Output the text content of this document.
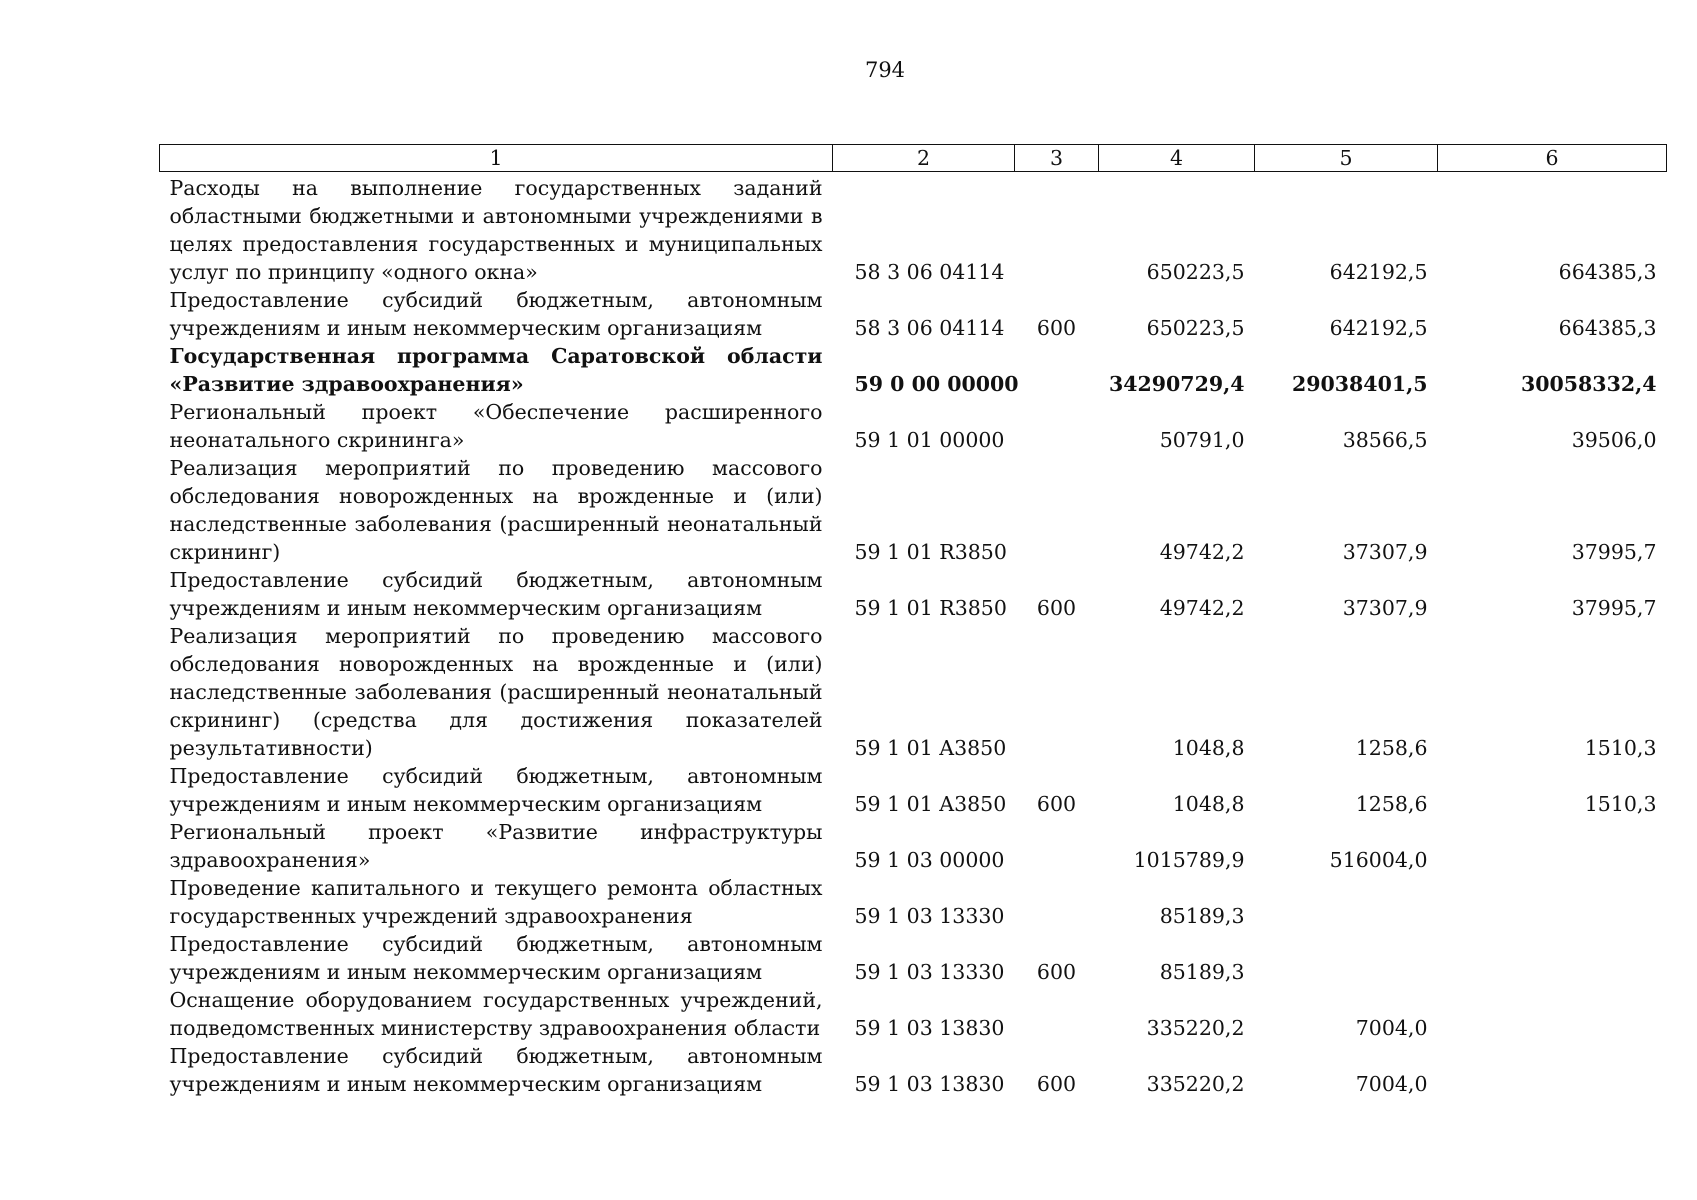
794
1	2	3	4	5	6
Расходы на выполнение государственных заданий областными бюджетными и автономными учреждениями в целях предоставления государственных и муниципальных услуг по принципу «одного окна»	58 3 06 04114		650223,5	642192,5	664385,3
Предоставление субсидий бюджетным, автономным учреждениям и иным некоммерческим организациям	58 3 06 04114	600	650223,5	642192,5	664385,3
Государственная программа Саратовской области «Развитие здравоохранения»	59 0 00 00000		34290729,4	29038401,5	30058332,4
Региональный проект «Обеспечение расширенного неонатального скрининга»	59 1 01 00000		50791,0	38566,5	39506,0
Реализация мероприятий по проведению массового обследования новорожденных на врожденные и (или) наследственные заболевания (расширенный неонатальный скрининг)	59 1 01 R3850		49742,2	37307,9	37995,7
Предоставление субсидий бюджетным, автономным учреждениям и иным некоммерческим организациям	59 1 01 R3850	600	49742,2	37307,9	37995,7
Реализация мероприятий по проведению массового обследования новорожденных на врожденные и (или) наследственные заболевания (расширенный неонатальный скрининг) (средства для достижения показателей результативности)	59 1 01 A3850		1048,8	1258,6	1510,3
Предоставление субсидий бюджетным, автономным учреждениям и иным некоммерческим организациям	59 1 01 A3850	600	1048,8	1258,6	1510,3
Региональный проект «Развитие инфраструктуры здравоохранения»	59 1 03 00000		1015789,9	516004,0	
Проведение капитального и текущего ремонта областных государственных учреждений здравоохранения	59 1 03 13330		85189,3		
Предоставление субсидий бюджетным, автономным учреждениям и иным некоммерческим организациям	59 1 03 13330	600	85189,3		
Оснащение оборудованием государственных учреждений, подведомственных министерству здравоохранения области	59 1 03 13830		335220,2	7004,0	
Предоставление субсидий бюджетным, автономным учреждениям и иным некоммерческим организациям	59 1 03 13830	600	335220,2	7004,0	
